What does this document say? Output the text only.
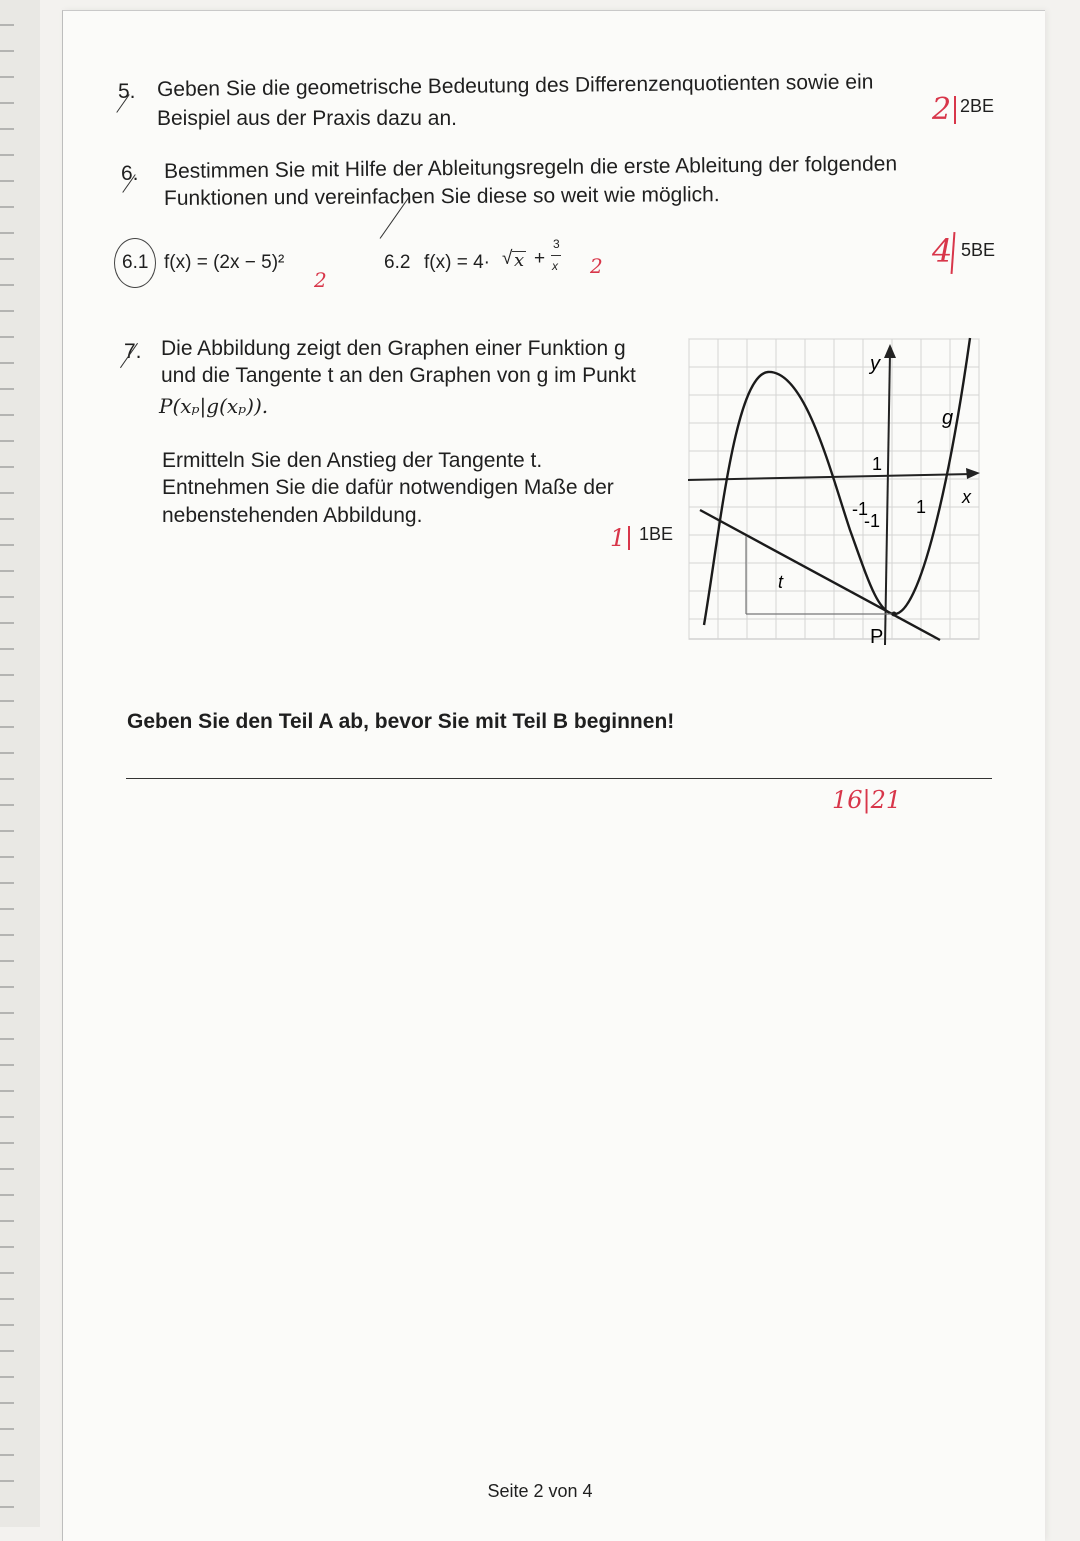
5. Geben Sie die geometrische Bedeutung des Differenzenquotienten sowie ein
Beispiel aus der Praxis dazu an.	2 2BE
6. Bestimmen Sie mit Hilfe der Ableitungsregeln die erste Ableitung der folgenden
Funktionen und vereinfachen Sie diese so weit wie möglich.
6.1 f(x) = (2x − 5)²
2
6.2 f(x) = 4· √ x +
3
x 2	4 5BE
7. Die Abbildung zeigt den Graphen einer Funktion g
und die Tangente t an den Graphen von g im Punkt
P(xₚ|g(xₚ)).
Ermitteln Sie den Anstieg der Tangente t.
Entnehmen Sie die dafür notwendigen Maße der
nebenstehenden Abbildung.
1 1BE
y
x
g
t
P
1
-1
-1
1
Geben Sie den Teil A ab, bevor Sie mit Teil B beginnen!
16|21
Seite 2 von 4
